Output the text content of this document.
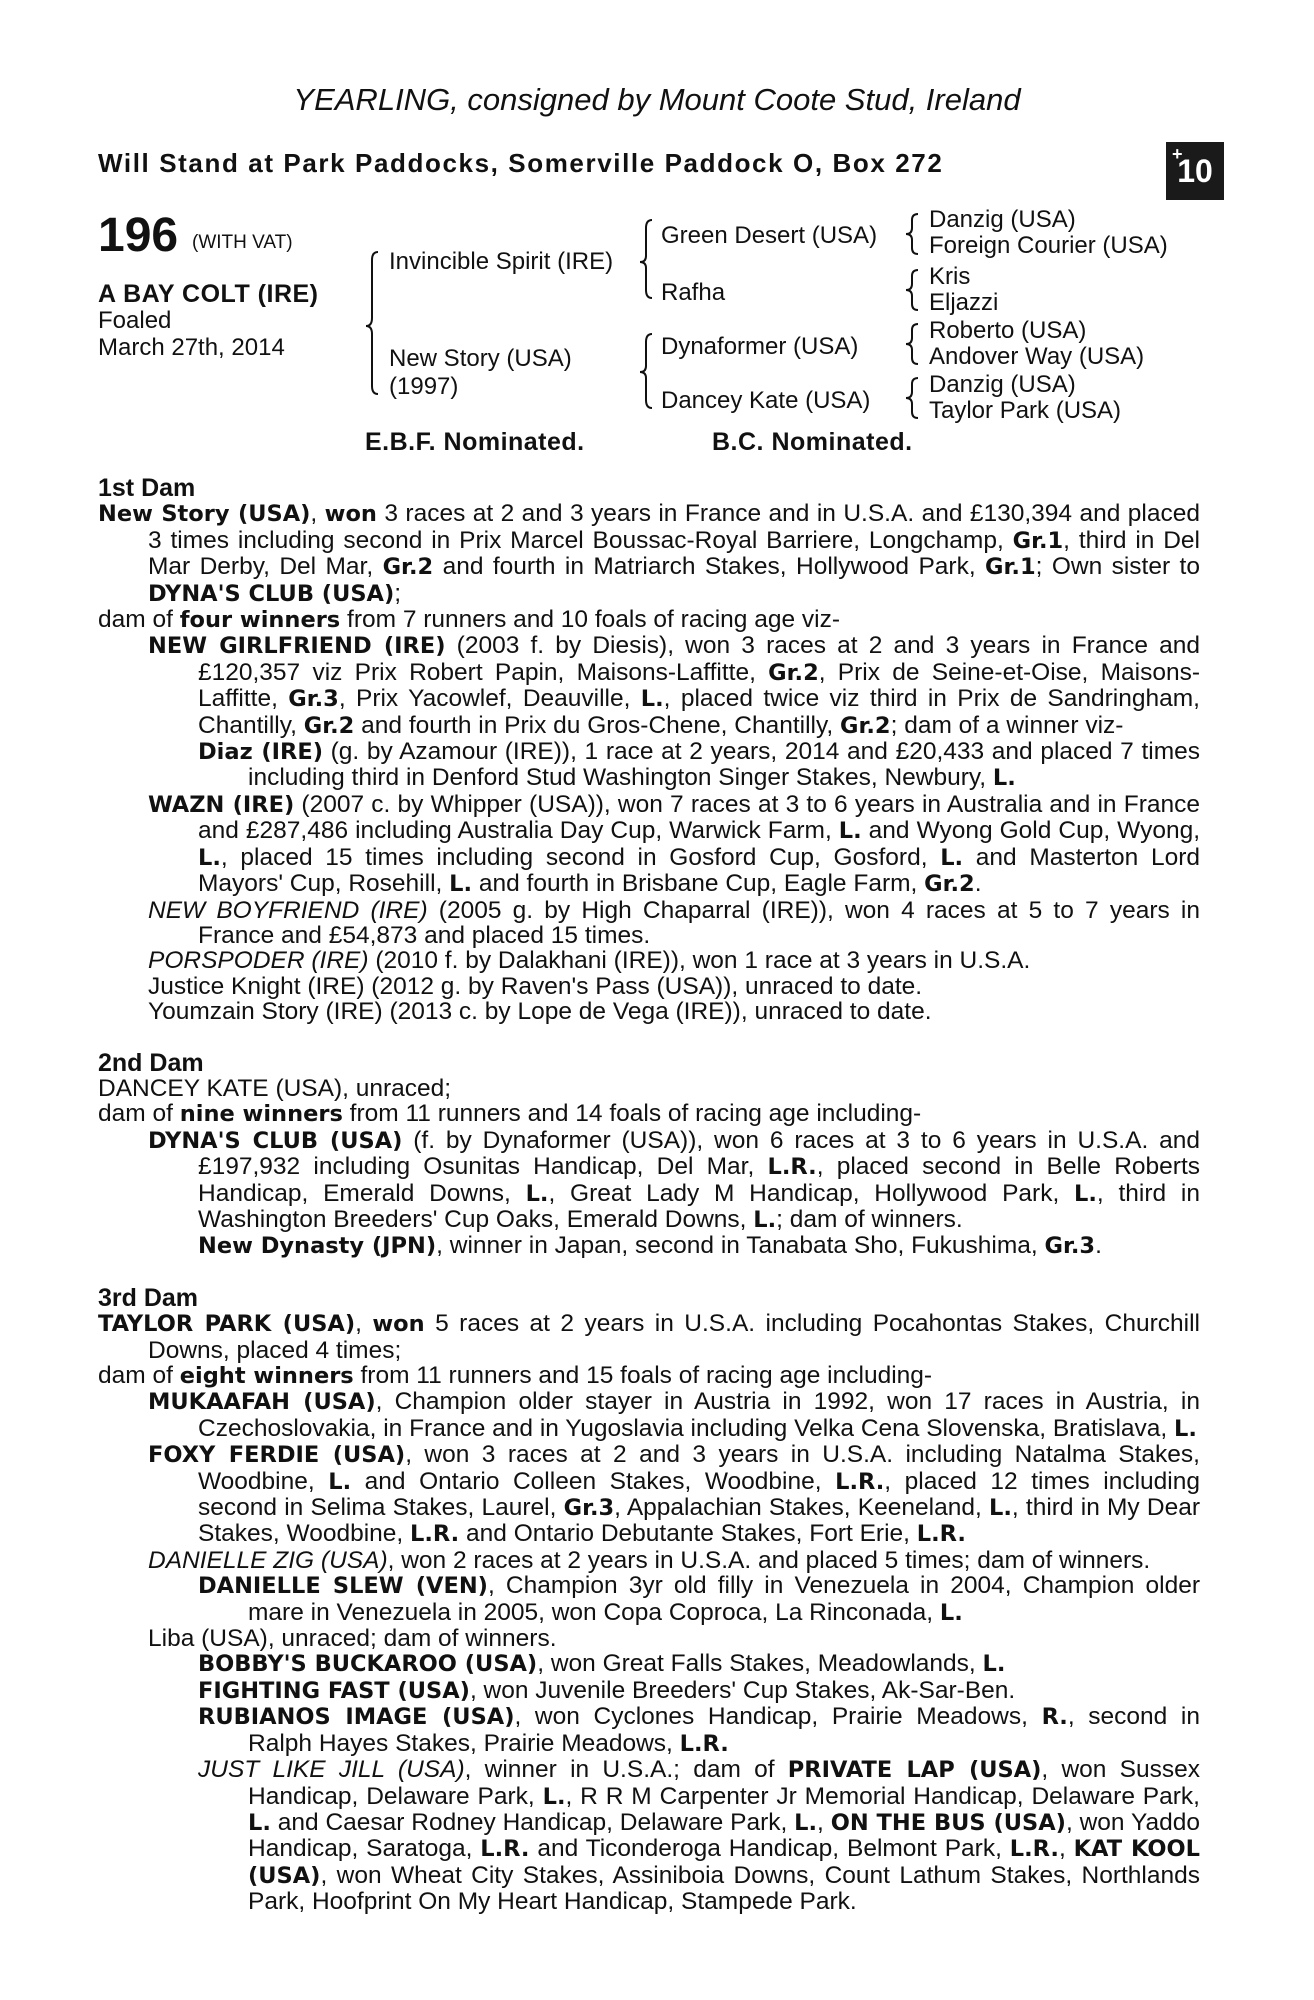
YEARLING, consigned by Mount Coote Stud, Ireland
Will Stand at Park Paddocks, Somerville Paddock O, Box 272	+
10
196 (WITH VAT)
A BAY COLT (IRE)
Foaled
March 27th, 2014
Invincible Spirit (IRE)
New Story (USA)
(1997)
Green Desert (USA)
Rafha
Dynaformer (USA)
Dancey Kate (USA)
Danzig (USA)
Foreign Courier (USA)
Kris
Eljazzi
Roberto (USA)
Andover Way (USA)
Danzig (USA)
Taylor Park (USA)
E.B.F. Nominated.	B.C. Nominated.
1st Dam

New Story (USA), won 3 races at 2 and 3 years in France and in U.S.A. and £130,394 and placed 3 times including second in Prix Marcel Boussac-Royal Barriere, Longchamp, Gr.1, third in Del Mar Derby, Del Mar, Gr.2 and fourth in Matriarch Stakes, Hollywood Park, Gr.1; Own sister to DYNA'S CLUB (USA);

dam of four winners from 7 runners and 10 foals of racing age viz-

NEW GIRLFRIEND (IRE) (2003 f. by Diesis), won 3 races at 2 and 3 years in France and £120,357 viz Prix Robert Papin, Maisons-Laffitte, Gr.2, Prix de Seine-et-Oise, Maisons-Laffitte, Gr.3, Prix Yacowlef, Deauville, L., placed twice viz third in Prix de Sandringham, Chantilly, Gr.2 and fourth in Prix du Gros-Chene, Chantilly, Gr.2; dam of a winner viz-

Diaz (IRE) (g. by Azamour (IRE)), 1 race at 2 years, 2014 and £20,433 and placed 7 times including third in Denford Stud Washington Singer Stakes, Newbury, L.

WAZN (IRE) (2007 c. by Whipper (USA)), won 7 races at 3 to 6 years in Australia and in France and £287,486 including Australia Day Cup, Warwick Farm, L. and Wyong Gold Cup, Wyong, L., placed 15 times including second in Gosford Cup, Gosford, L. and Masterton Lord Mayors' Cup, Rosehill, L. and fourth in Brisbane Cup, Eagle Farm, Gr.2.

NEW BOYFRIEND (IRE) (2005 g. by High Chaparral (IRE)), won 4 races at 5 to 7 years in France and £54,873 and placed 15 times.

PORSPODER (IRE) (2010 f. by Dalakhani (IRE)), won 1 race at 3 years in U.S.A.

Justice Knight (IRE) (2012 g. by Raven's Pass (USA)), unraced to date.

Youmzain Story (IRE) (2013 c. by Lope de Vega (IRE)), unraced to date.

2nd Dam

DANCEY KATE (USA), unraced;

dam of nine winners from 11 runners and 14 foals of racing age including-

DYNA'S CLUB (USA) (f. by Dynaformer (USA)), won 6 races at 3 to 6 years in U.S.A. and £197,932 including Osunitas Handicap, Del Mar, L.R., placed second in Belle Roberts Handicap, Emerald Downs, L., Great Lady M Handicap, Hollywood Park, L., third in Washington Breeders' Cup Oaks, Emerald Downs, L.; dam of winners.

New Dynasty (JPN), winner in Japan, second in Tanabata Sho, Fukushima, Gr.3.

3rd Dam

TAYLOR PARK (USA), won 5 races at 2 years in U.S.A. including Pocahontas Stakes, Churchill Downs, placed 4 times;

dam of eight winners from 11 runners and 15 foals of racing age including-

MUKAAFAH (USA), Champion older stayer in Austria in 1992, won 17 races in Austria, in Czechoslovakia, in France and in Yugoslavia including Velka Cena Slovenska, Bratislava, L.

FOXY FERDIE (USA), won 3 races at 2 and 3 years in U.S.A. including Natalma Stakes, Woodbine, L. and Ontario Colleen Stakes, Woodbine, L.R., placed 12 times including second in Selima Stakes, Laurel, Gr.3, Appalachian Stakes, Keeneland, L., third in My Dear Stakes, Woodbine, L.R. and Ontario Debutante Stakes, Fort Erie, L.R.

DANIELLE ZIG (USA), won 2 races at 2 years in U.S.A. and placed 5 times; dam of winners.

DANIELLE SLEW (VEN), Champion 3yr old filly in Venezuela in 2004, Champion older mare in Venezuela in 2005, won Copa Coproca, La Rinconada, L.

Liba (USA), unraced; dam of winners.

BOBBY'S BUCKAROO (USA), won Great Falls Stakes, Meadowlands, L.

FIGHTING FAST (USA), won Juvenile Breeders' Cup Stakes, Ak-Sar-Ben.

RUBIANOS IMAGE (USA), won Cyclones Handicap, Prairie Meadows, R., second in Ralph Hayes Stakes, Prairie Meadows, L.R.

JUST LIKE JILL (USA), winner in U.S.A.; dam of PRIVATE LAP (USA), won Sussex Handicap, Delaware Park, L., R R M Carpenter Jr Memorial Handicap, Delaware Park, L. and Caesar Rodney Handicap, Delaware Park, L., ON THE BUS (USA), won Yaddo Handicap, Saratoga, L.R. and Ticonderoga Handicap, Belmont Park, L.R., KAT KOOL (USA), won Wheat City Stakes, Assiniboia Downs, Count Lathum Stakes, Northlands Park, Hoofprint On My Heart Handicap, Stampede Park.
